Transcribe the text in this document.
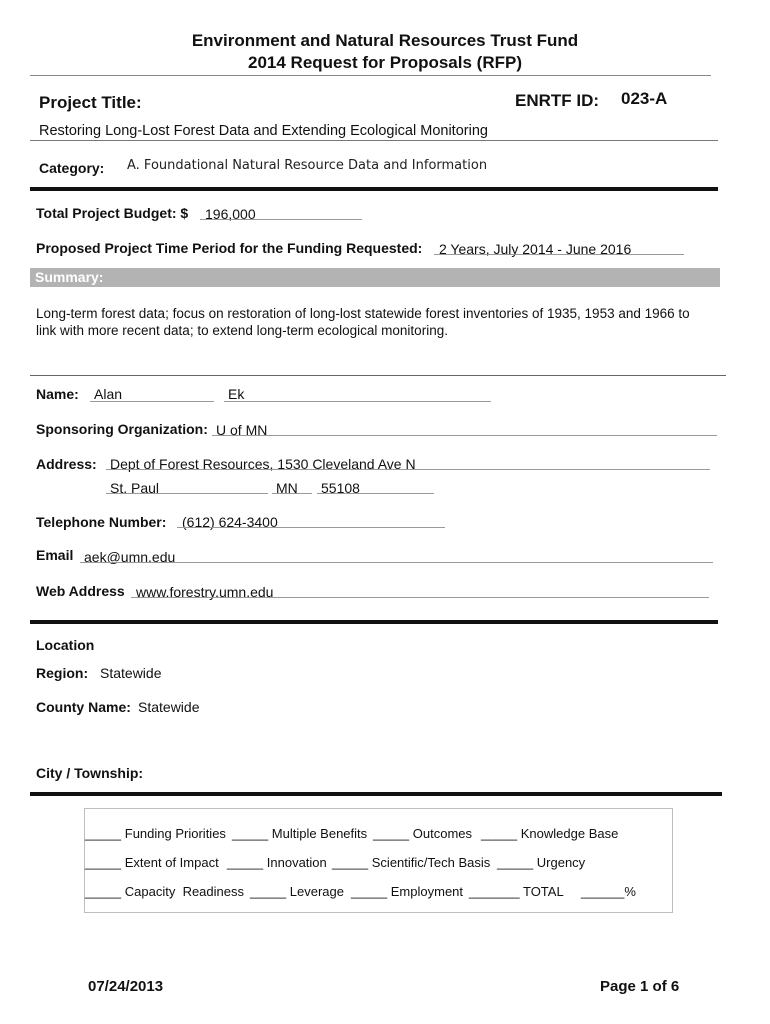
Environment and Natural Resources Trust Fund
2014 Request for Proposals (RFP)
Project Title:	ENRTF ID: 023-A
Restoring Long-Lost Forest Data and Extending Ecological Monitoring
Category: A. Foundational Natural Resource Data and Information
Total Project Budget: $ 196,000
Proposed Project Time Period for the Funding Requested: 2 Years, July 2014 - June 2016
Summary:
Long-term forest data; focus on restoration of long-lost statewide forest inventories of 1935, 1953 and 1966 to
link with more recent data; to extend long-term ecological monitoring.
Name: Alan	Ek
Sponsoring Organization: U of MN
Address: Dept of Forest Resources, 1530 Cleveland Ave N
St. Paul	MN 55108
Telephone Number: (612) 624-3400
Email aek@umn.edu
Web Address www.forestry.umn.edu
Location
Region: Statewide
County Name: Statewide
City / Township:
_____ Funding Priorities _____ Multiple Benefits _____ Outcomes _____ Knowledge Base
_____ Extent of Impact _____ Innovation _____ Scientific/Tech Basis _____ Urgency
_____ Capacity  Readiness _____ Leverage _____ Employment _______ TOTAL ______%
07/24/2013	Page 1 of 6
